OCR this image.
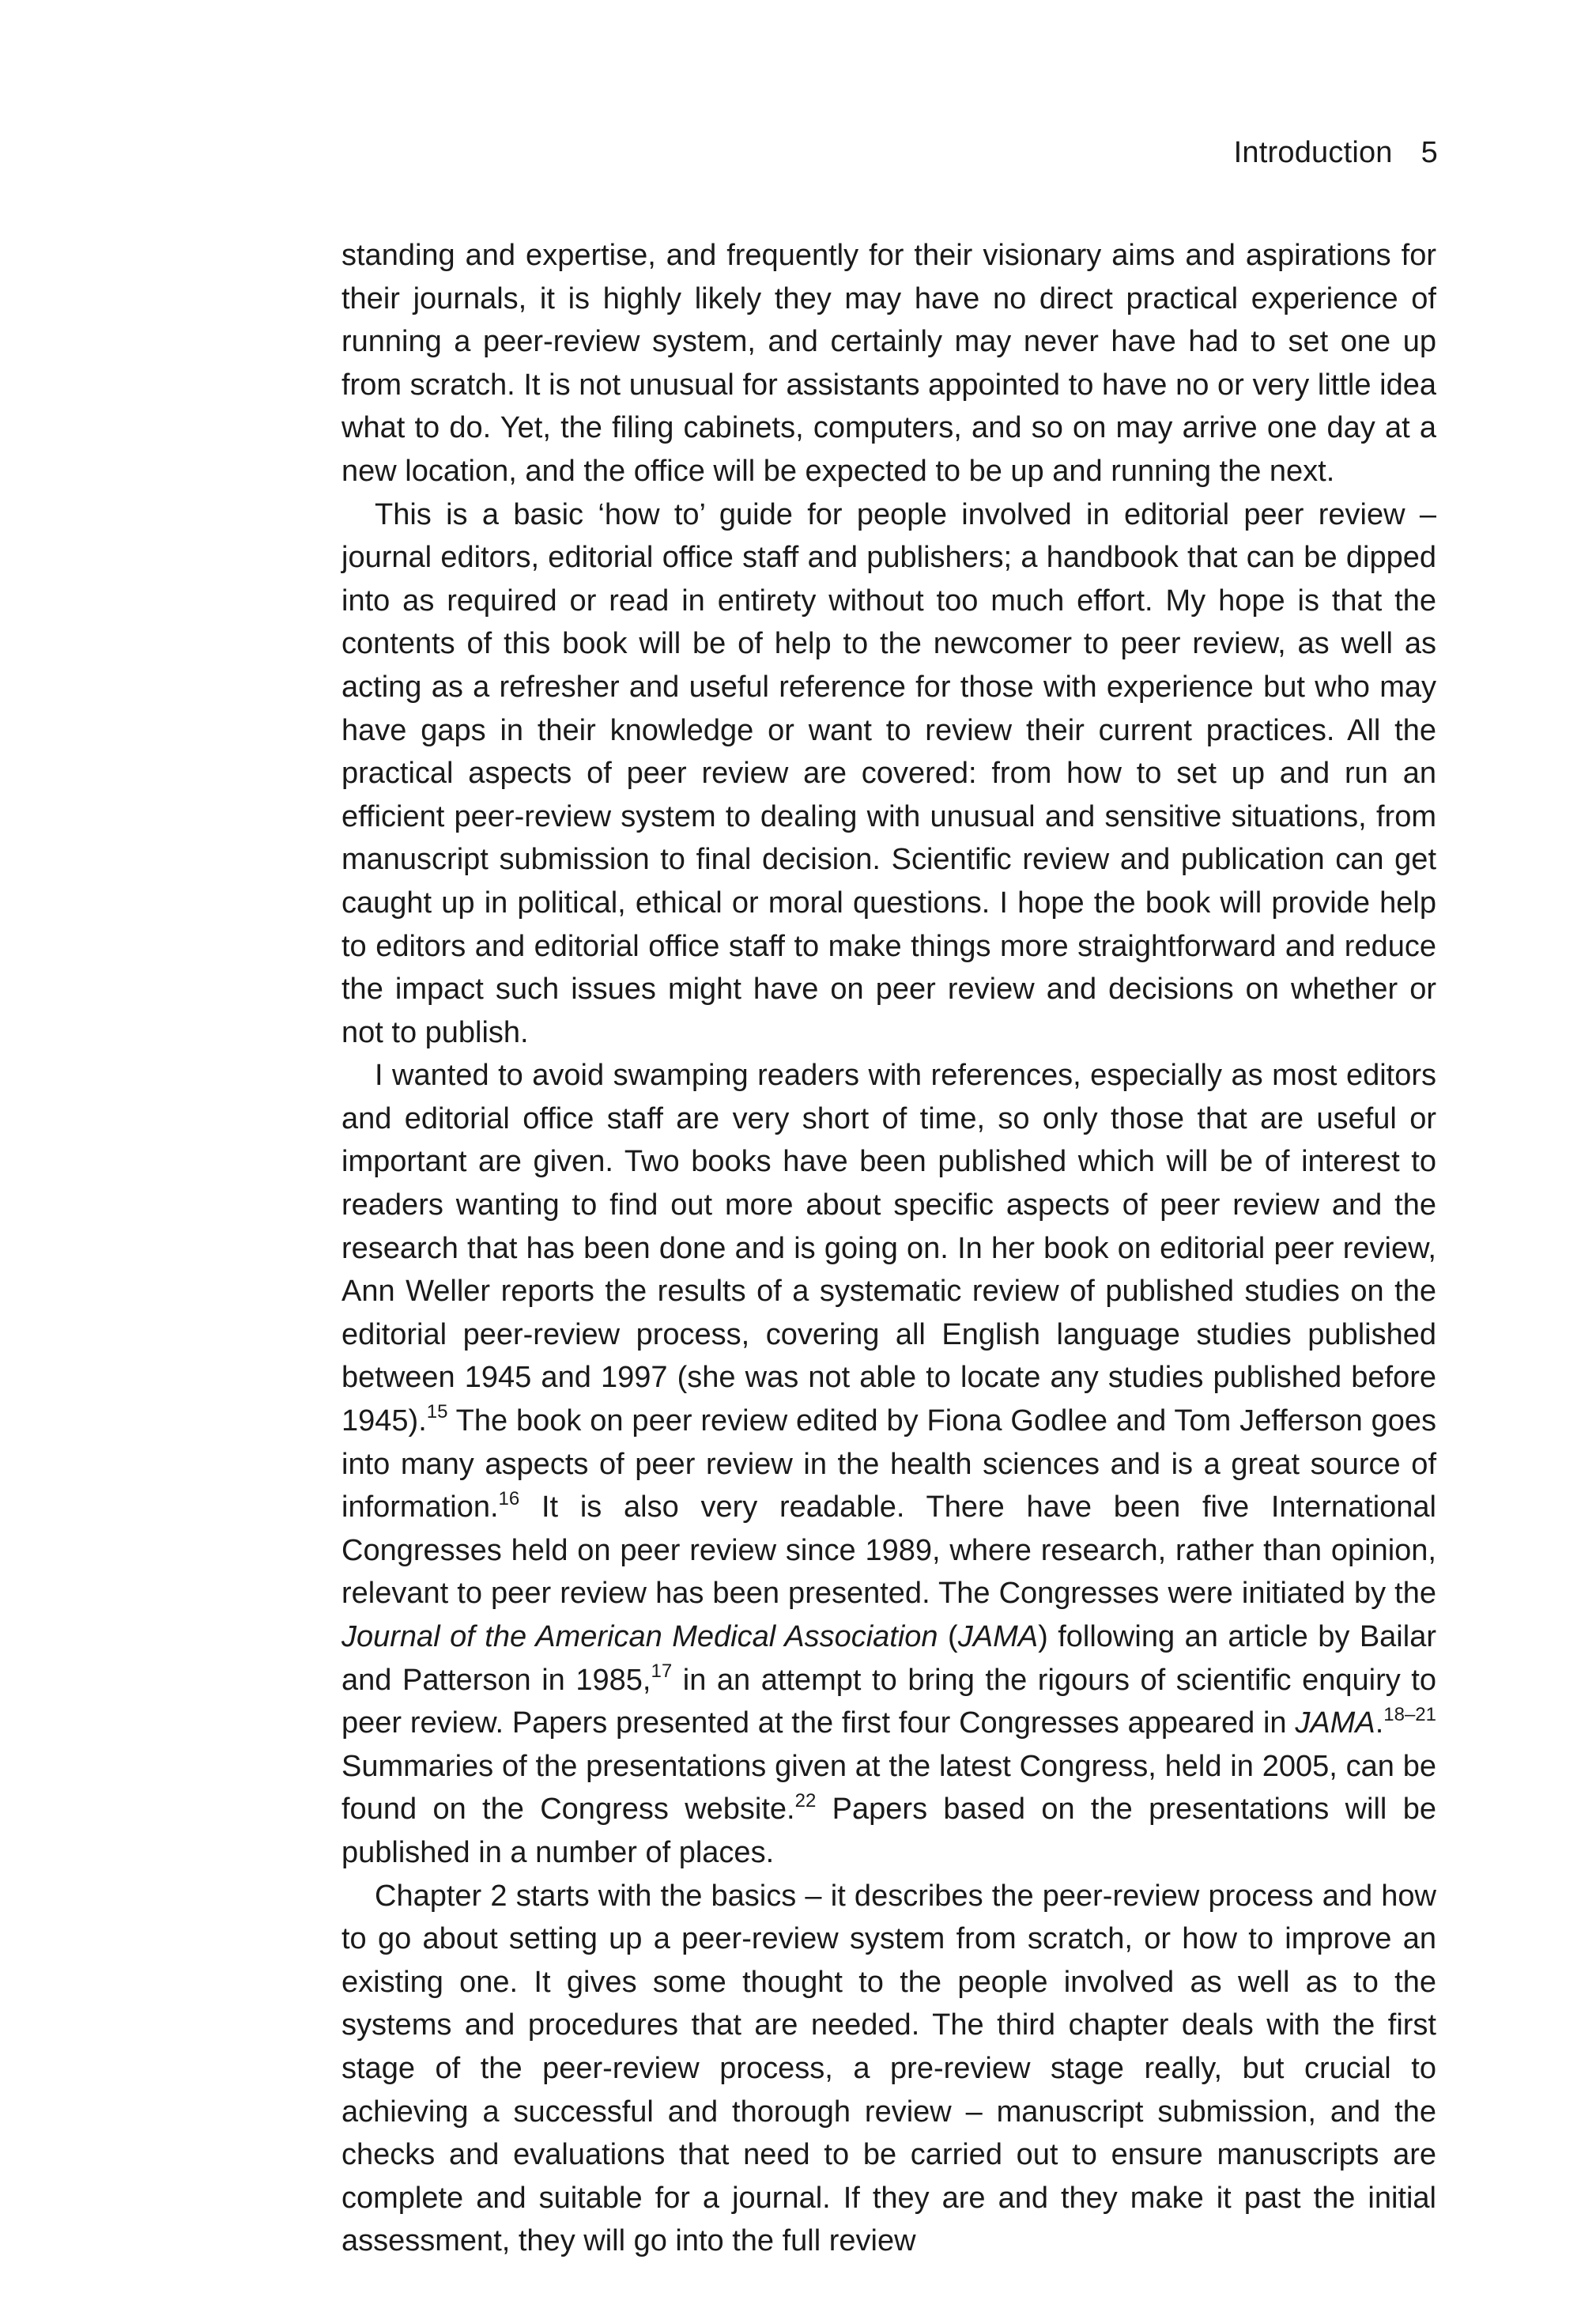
Introduction 5

standing and expertise, and frequently for their visionary aims and aspirations for their journals, it is highly likely they may have no direct practical experience of running a peer-review system, and certainly may never have had to set one up from scratch. It is not unusual for assistants appointed to have no or very little idea what to do. Yet, the filing cabinets, computers, and so on may arrive one day at a new location, and the office will be expected to be up and running the next.

This is a basic ‘how to’ guide for people involved in editorial peer review – journal editors, editorial office staff and publishers; a handbook that can be dipped into as required or read in entirety without too much effort. My hope is that the contents of this book will be of help to the newcomer to peer review, as well as acting as a refresher and useful reference for those with experience but who may have gaps in their knowledge or want to review their current practices. All the practical aspects of peer review are covered: from how to set up and run an efficient peer-review system to dealing with unusual and sensitive situations, from manuscript submission to final decision. Scientific review and publication can get caught up in political, ethical or moral questions. I hope the book will provide help to editors and editorial office staff to make things more straightforward and reduce the impact such issues might have on peer review and decisions on whether or not to publish.

I wanted to avoid swamping readers with references, especially as most editors and editorial office staff are very short of time, so only those that are useful or important are given. Two books have been published which will be of interest to readers wanting to find out more about specific aspects of peer review and the research that has been done and is going on. In her book on editorial peer review, Ann Weller reports the results of a systematic review of published studies on the editorial peer-review process, covering all English language studies published between 1945 and 1997 (she was not able to locate any studies published before 1945).$^{15}$ The book on peer review edited by Fiona Godlee and Tom Jefferson goes into many aspects of peer review in the health sciences and is a great source of information.$^{16}$ It is also very readable. There have been five International Congresses held on peer review since 1989, where research, rather than opinion, relevant to peer review has been presented. The Congresses were initiated by the Journal of the American Medical Association (JAMA) following an article by Bailar and Patterson in 1985,17 in an attempt to bring the rigours of scientific enquiry to peer review. Papers presented at the first four Congresses appeared in JAMA.$^{18-21}$ Summaries of the presentations given at the latest Congress, held in 2005, can be found on the Congress website.$^{22}$ Papers based on the presentations will be published in a number of places.

Chapter 2 starts with the basics – it describes the peer-review process and how to go about setting up a peer-review system from scratch, or how to improve an existing one. It gives some thought to the people involved as well as to the systems and procedures that are needed. The third chapter deals with the first stage of the peer-review process, a pre-review stage really, but crucial to achieving a successful and thorough review – manuscript submission, and the checks and evaluations that need to be carried out to ensure manuscripts are complete and suitable for a journal. If they are and they make it past the initial assessment, they will go into the full review
